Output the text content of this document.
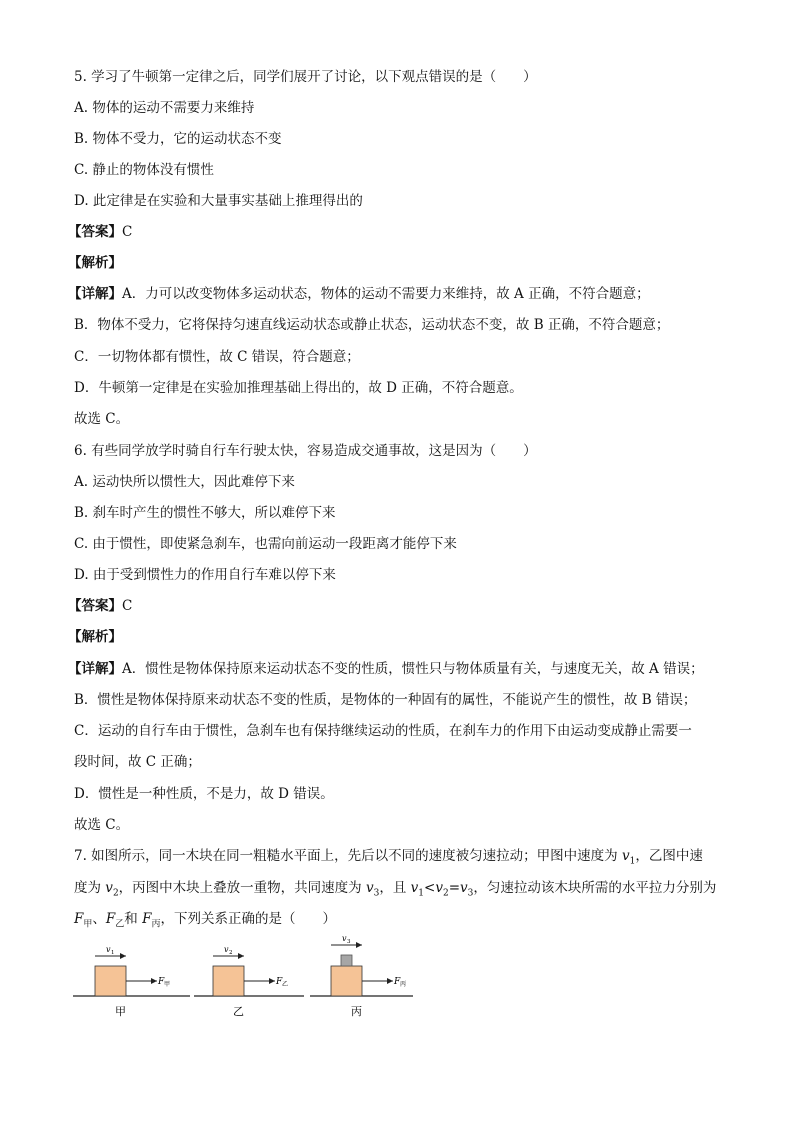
5. 学习了牛顿第一定律之后，同学们展开了讨论，以下观点错误的是（　　）
A. 物体的运动不需要力来维持
B. 物体不受力，它的运动状态不变
C. 静止的物体没有惯性
D. 此定律是在实验和大量事实基础上推理得出的
【答案】C
【解析】
【详解】A．力可以改变物体多运动状态，物体的运动不需要力来维持，故 A 正确，不符合题意；
B．物体不受力，它将保持匀速直线运动状态或静止状态，运动状态不变，故 B 正确，不符合题意；
C．一切物体都有惯性，故 C 错误，符合题意；
D．牛顿第一定律是在实验加推理基础上得出的，故 D 正确，不符合题意。
故选 C。
6. 有些同学放学时骑自行车行驶太快，容易造成交通事故，这是因为（　　）
A. 运动快所以惯性大，因此难停下来
B. 刹车时产生的惯性不够大，所以难停下来
C. 由于惯性，即使紧急刹车，也需向前运动一段距离才能停下来
D. 由于受到惯性力的作用自行车难以停下来
【答案】C
【解析】
【详解】A．惯性是物体保持原来运动状态不变的性质，惯性只与物体质量有关，与速度无关，故 A 错误；
B．惯性是物体保持原来动状态不变的性质，是物体的一种固有的属性，不能说产生的惯性，故 B 错误；
C．运动的自行车由于惯性，急刹车也有保持继续运动的性质，在刹车力的作用下由运动变成静止需要一
段时间，故 C 正确；
D．惯性是一种性质，不是力，故 D 错误。
故选 C。
7. 如图所示，同一木块在同一粗糙水平面上，先后以不同的速度被匀速拉动；甲图中速度为 $v_1$，乙图中速
度为 $v_2$，丙图中木块上叠放一重物，共同速度为 $v_3$，且 $v_1<v_2=v_3$，匀速拉动该木块所需的水平拉力分别为
$F_甲$、$F_乙$和 $F_丙$，下列关系正确的是（　　）
F 甲
v 1
甲
F 乙
v 2
乙
F 丙
v 3
丙
